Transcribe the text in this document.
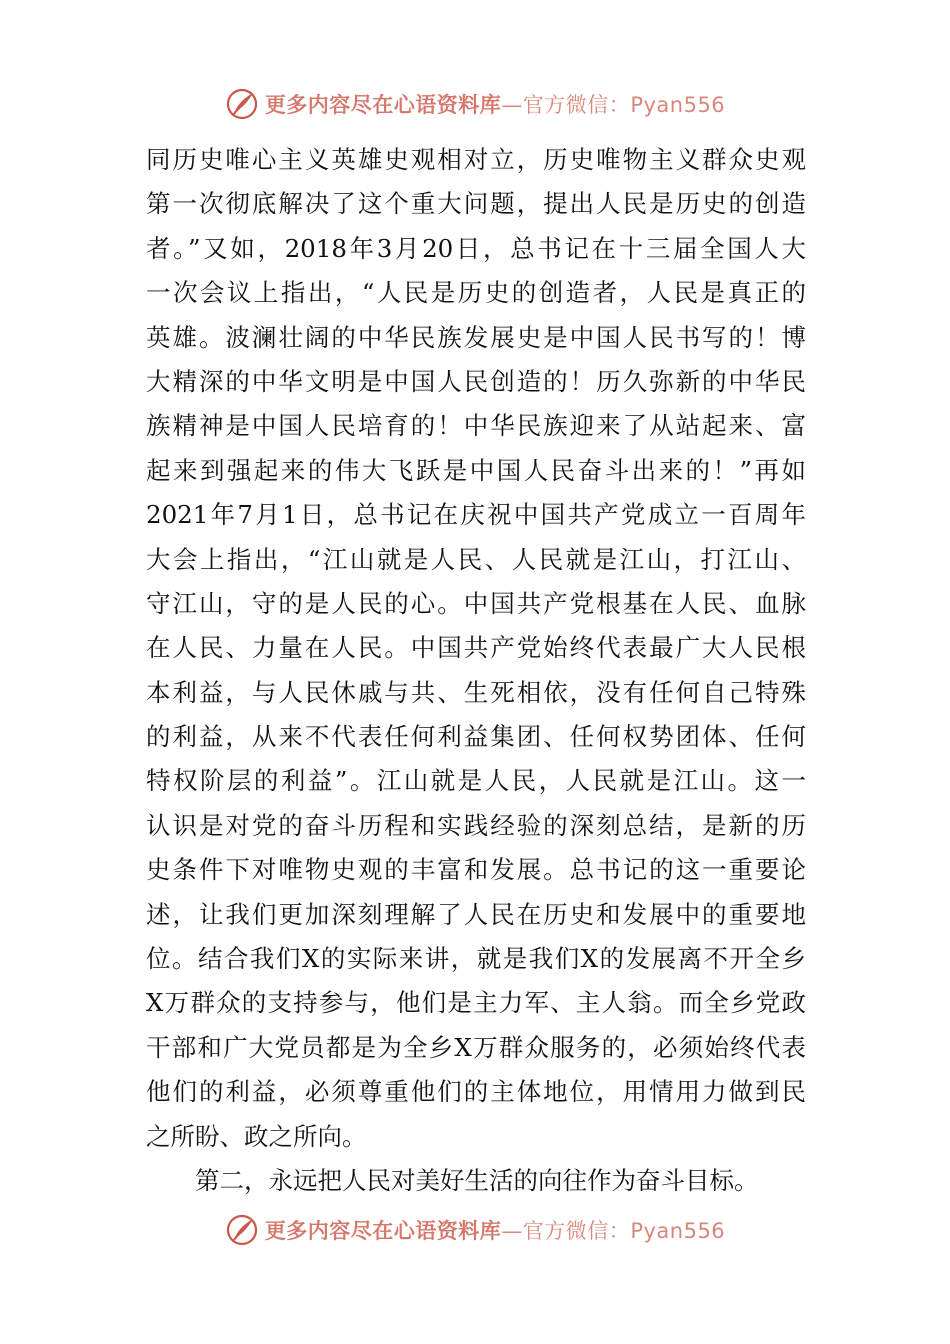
更多内容尽在心语资料库—官方微信：Pyan556
同历史唯心主义英雄史观相对立，历史唯物主义群众史观
第一次彻底解决了这个重大问题，提出人民是历史的创造
者。”又如，2018年3月20日，总书记在十三届全国人大
一次会议上指出，“人民是历史的创造者，人民是真正的
英雄。波澜壮阔的中华民族发展史是中国人民书写的！博
大精深的中华文明是中国人民创造的！历久弥新的中华民
族精神是中国人民培育的！中华民族迎来了从站起来、富
起来到强起来的伟大飞跃是中国人民奋斗出来的！”再如
2021年7月1日，总书记在庆祝中国共产党成立一百周年
大会上指出，“江山就是人民、人民就是江山，打江山、
守江山，守的是人民的心。中国共产党根基在人民、血脉
在人民、力量在人民。中国共产党始终代表最广大人民根
本利益，与人民休戚与共、生死相依，没有任何自己特殊
的利益，从来不代表任何利益集团、任何权势团体、任何
特权阶层的利益”。江山就是人民，人民就是江山。这一
认识是对党的奋斗历程和实践经验的深刻总结，是新的历
史条件下对唯物史观的丰富和发展。总书记的这一重要论
述，让我们更加深刻理解了人民在历史和发展中的重要地
位。结合我们X的实际来讲，就是我们X的发展离不开全乡
X万群众的支持参与，他们是主力军、主人翁。而全乡党政
干部和广大党员都是为全乡X万群众服务的，必须始终代表
他们的利益，必须尊重他们的主体地位，用情用力做到民
之所盼、政之所向。
第二，永远把人民对美好生活的向往作为奋斗目标。
更多内容尽在心语资料库—官方微信：Pyan556
